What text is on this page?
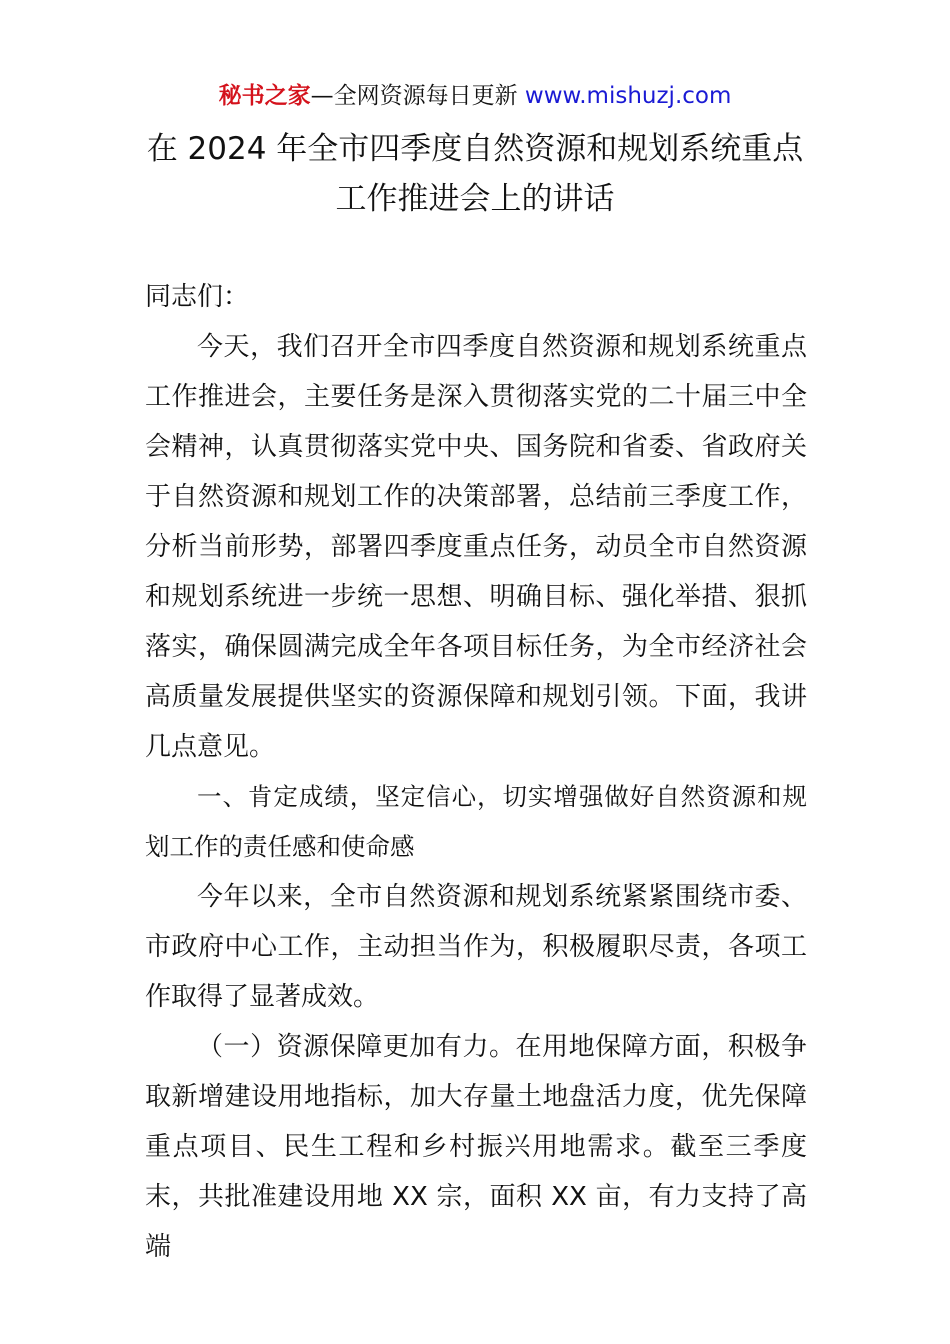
秘书之家—全网资源每日更新 www.mishuzj.com
在 2024 年全市四季度自然资源和规划系统重点
工作推进会上的讲话

同志们：

今天，我们召开全市四季度自然资源和规划系统重点工作推进会，主要任务是深入贯彻落实党的二十届三中全会精神，认真贯彻落实党中央、国务院和省委、省政府关于自然资源和规划工作的决策部署，总结前三季度工作，分析当前形势，部署四季度重点任务，动员全市自然资源和规划系统进一步统一思想、明确目标、强化举措、狠抓落实，确保圆满完成全年各项目标任务，为全市经济社会高质量发展提供坚实的资源保障和规划引领。下面，我讲几点意见。

一、肯定成绩，坚定信心，切实增强做好自然资源和规划工作的责任感和使命感

今年以来，全市自然资源和规划系统紧紧围绕市委、市政府中心工作，主动担当作为，积极履职尽责，各项工作取得了显著成效。

（一）资源保障更加有力。在用地保障方面，积极争取新增建设用地指标，加大存量土地盘活力度，优先保障重点项目、民生工程和乡村振兴用地需求。截至三季度末，共批准建设用地 XX 宗，面积 XX 亩，有力支持了高端
